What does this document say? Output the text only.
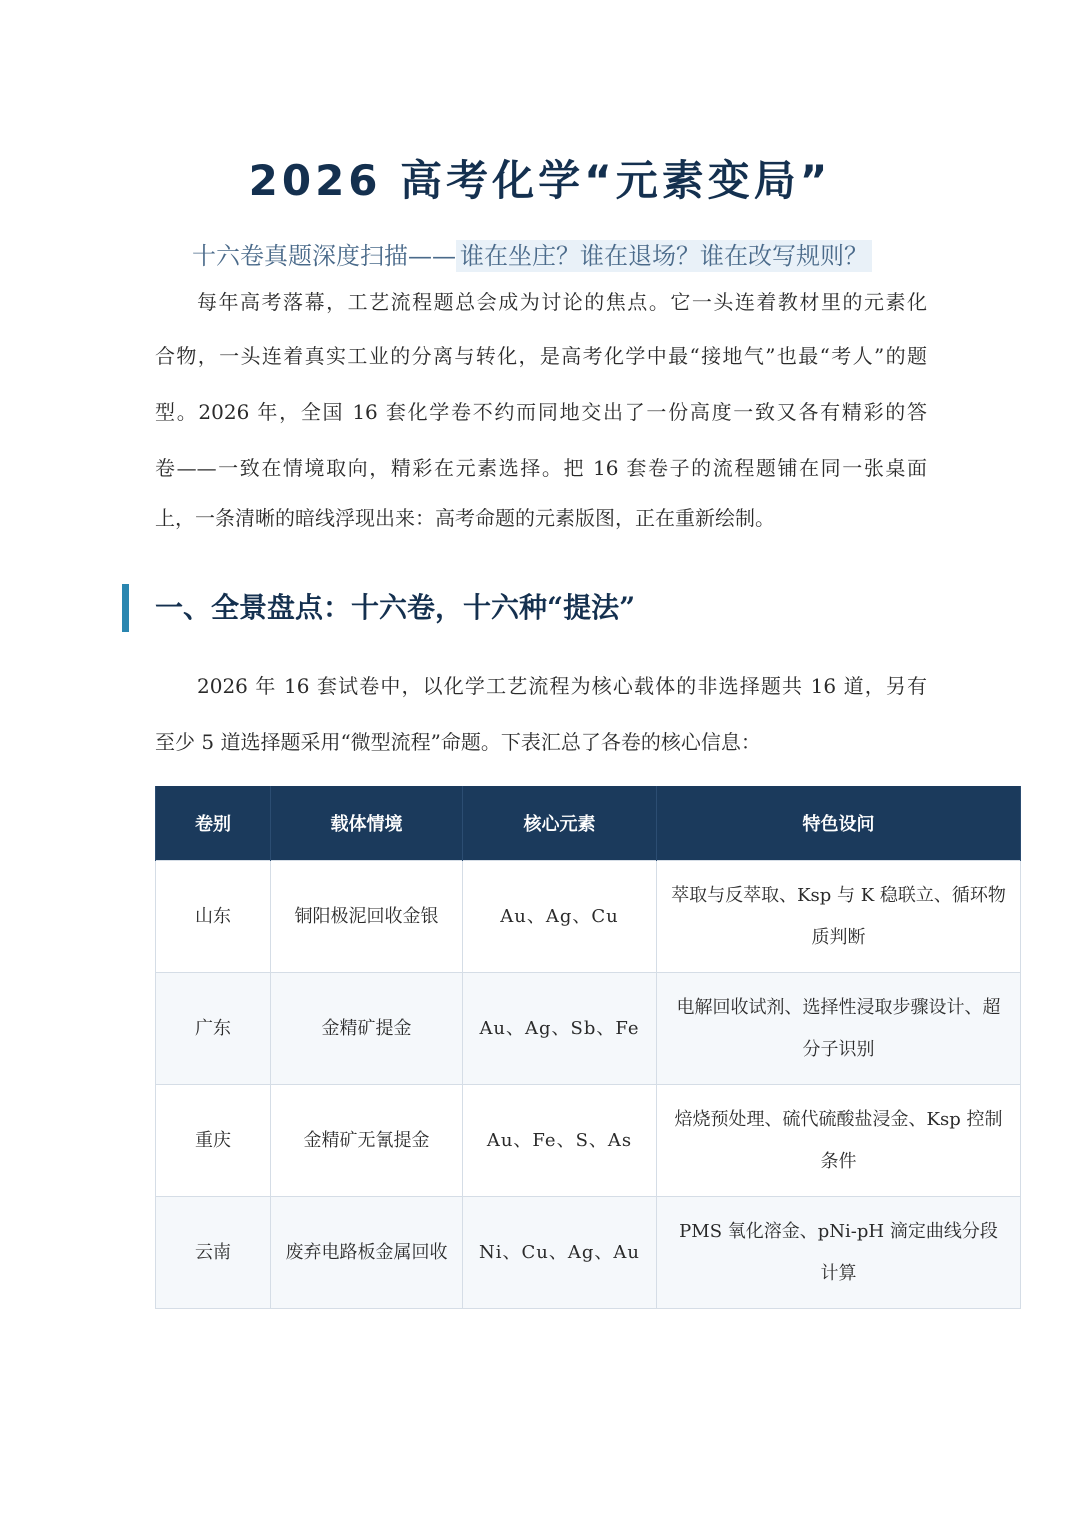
2026 高考化学“元素变局”
十六卷真题深度扫描—— 谁在坐庄？谁在退场？谁在改写规则？
每年高考落幕，工艺流程题总会成为讨论的焦点。它一头连着教材里的元素化
合物，一头连着真实工业的分离与转化，是高考化学中最“接地气”也最“考人”的题
型。2026 年，全国 16 套化学卷不约而同地交出了一份高度一致又各有精彩的答
卷——一致在情境取向，精彩在元素选择。把 16 套卷子的流程题铺在同一张桌面
上，一条清晰的暗线浮现出来：高考命题的元素版图，正在重新绘制。
一、全景盘点：十六卷，十六种“提法”
2026 年 16 套试卷中，以化学工艺流程为核心载体的非选择题共 16 道，另有
至少 5 道选择题采用“微型流程”命题。下表汇总了各卷的核心信息：
卷别	载体情境	核心元素	特色设问
山东	铜阳极泥回收金银	Au、Ag、Cu	萃取与反萃取、Ksp 与 K 稳联立、循环物质判断
广东	金精矿提金	Au、Ag、Sb、Fe	电解回收试剂、选择性浸取步骤设计、超分子识别
重庆	金精矿无氰提金	Au、Fe、S、As	焙烧预处理、硫代硫酸盐浸金、Ksp 控制条件
云南	废弃电路板金属回收	Ni、Cu、Ag、Au	PMS 氧化溶金、pNi-pH 滴定曲线分段计算
